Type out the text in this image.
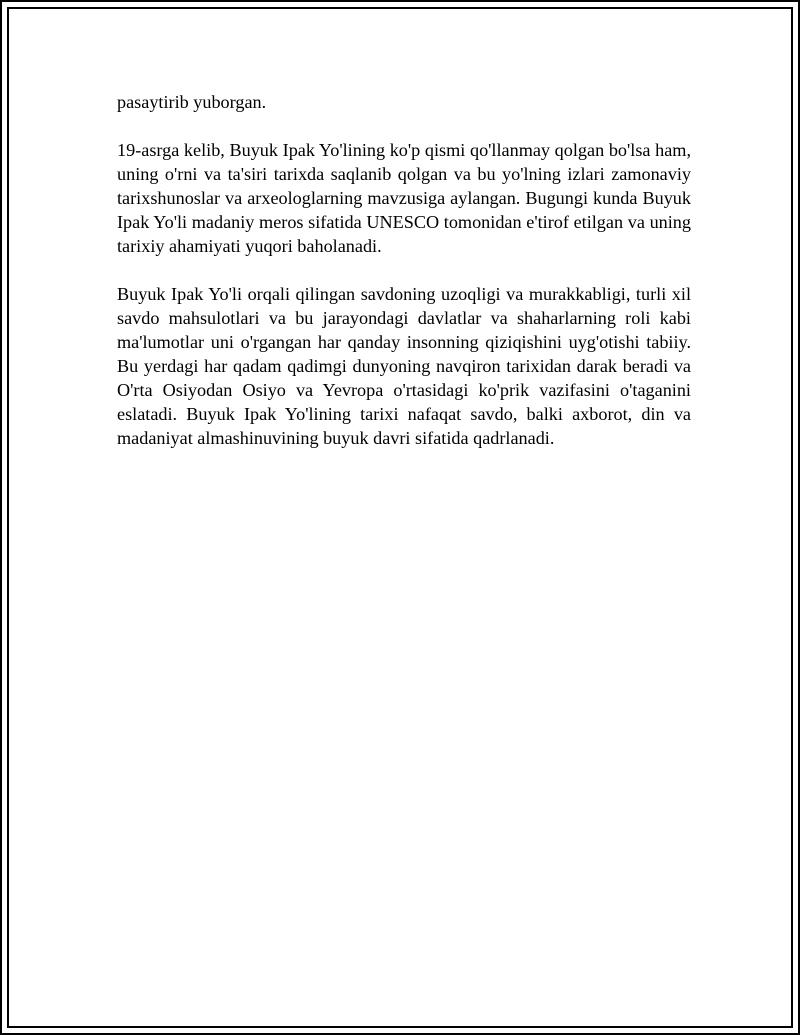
pasaytirib yuborgan.

19-asrga kelib, Buyuk Ipak Yo'lining ko'p qismi qo'llanmay qolgan bo'lsa ham, uning o'rni va ta'siri tarixda saqlanib qolgan va bu yo'lning izlari zamonaviy tarixshunoslar va arxeologlarning mavzusiga aylangan. Bugungi kunda Buyuk Ipak Yo'li madaniy meros sifatida UNESCO tomonidan e'tirof etilgan va uning tarixiy ahamiyati yuqori baholanadi.

Buyuk Ipak Yo'li orqali qilingan savdoning uzoqligi va murakkabligi, turli xil savdo mahsulotlari va bu jarayondagi davlatlar va shaharlarning roli kabi ma'lumotlar uni o'rgangan har qanday insonning qiziqishini uyg'otishi tabiiy. Bu yerdagi har qadam qadimgi dunyoning navqiron tarixidan darak beradi va O'rta Osiyodan Osiyo va Yevropa o'rtasidagi ko'prik vazifasini o'taganini eslatadi. Buyuk Ipak Yo'lining tarixi nafaqat savdo, balki axborot, din va madaniyat almashinuvining buyuk davri sifatida qadrlanadi.
